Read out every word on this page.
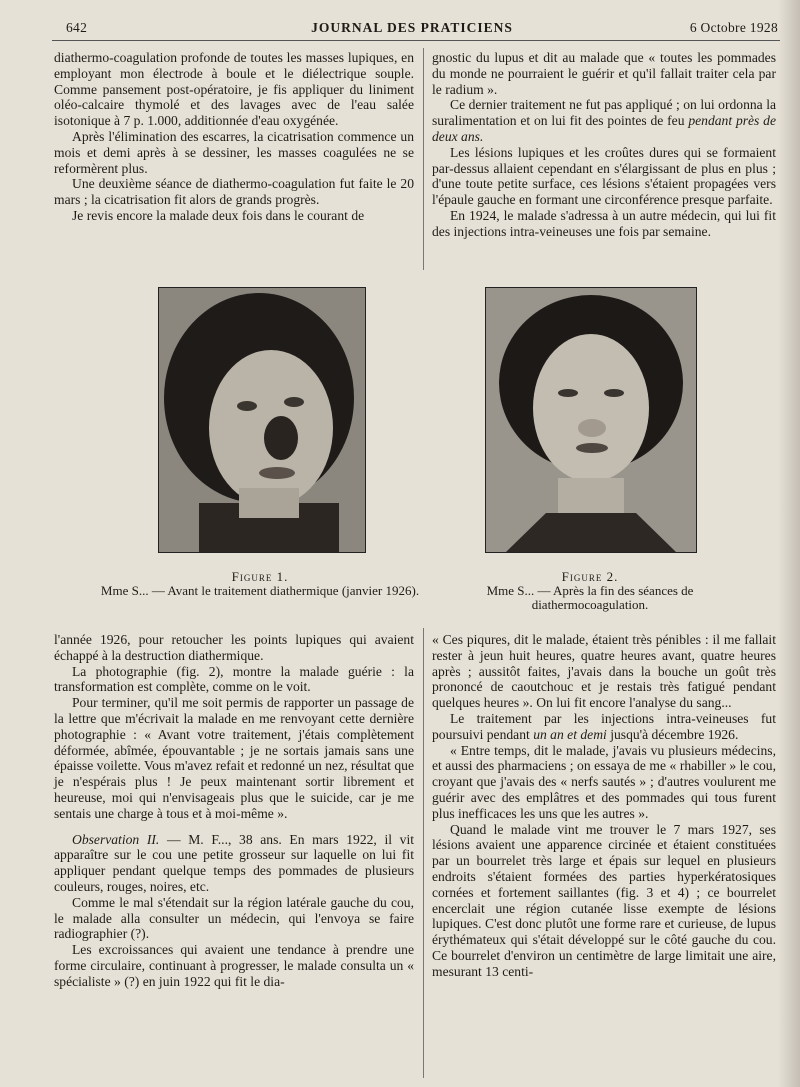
642	JOURNAL DES PRATICIENS	6 Octobre 1928

diathermo-coagulation profonde de toutes les masses lupiques, en employant mon électrode à boule et le diélectrique souple. Comme pansement post-opératoire, je fis appliquer du liniment oléo-calcaire thymolé et des lavages avec de l'eau salée isotonique à 7 p. 1.000, additionnée d'eau oxygénée.

Après l'élimination des escarres, la cicatrisation commence un mois et demi après à se dessiner, les masses coagulées ne se reformèrent plus.

Une deuxième séance de diathermo-coagulation fut faite le 20 mars ; la cicatrisation fit alors de grands progrès.

Je revis encore la malade deux fois dans le courant de

gnostic du lupus et dit au malade que « toutes les pommades du monde ne pourraient le guérir et qu'il fallait traiter cela par le radium ».

Ce dernier traitement ne fut pas appliqué ; on lui ordonna la suralimentation et on lui fit des pointes de feu pendant près de deux ans.

Les lésions lupiques et les croûtes dures qui se formaient par-dessus allaient cependant en s'élargissant de plus en plus ; d'une toute petite surface, ces lésions s'étaient propagées vers l'épaule gauche en formant une circonférence presque parfaite.

En 1924, le malade s'adressa à un autre médecin, qui lui fit des injections intra-veineuses une fois par semaine.

Figure 1.
Mme S... — Avant le traitement diathermique (janvier 1926).
Figure 2.
Mme S... — Après la fin des séances de diathermocoagulation.

l'année 1926, pour retoucher les points lupiques qui avaient échappé à la destruction diathermique.

La photographie (fig. 2), montre la malade guérie : la transformation est complète, comme on le voit.

Pour terminer, qu'il me soit permis de rapporter un passage de la lettre que m'écrivait la malade en me renvoyant cette dernière photographie : « Avant votre traitement, j'étais complètement déformée, abîmée, épouvantable ; je ne sortais jamais sans une épaisse voilette. Vous m'avez refait et redonné un nez, résultat que je n'espérais plus ! Je peux maintenant sortir librement et heureuse, moi qui n'envisageais plus que le suicide, car je me sentais une charge à tous et à moi-même ».

Observation II. — M. F..., 38 ans. En mars 1922, il vit apparaître sur le cou une petite grosseur sur laquelle on lui fit appliquer pendant quelque temps des pommades de plusieurs couleurs, rouges, noires, etc.

Comme le mal s'étendait sur la région latérale gauche du cou, le malade alla consulter un médecin, qui l'envoya se faire radiographier (?).

Les excroissances qui avaient une tendance à prendre une forme circulaire, continuant à progresser, le malade consulta un « spécialiste » (?) en juin 1922 qui fit le dia-

« Ces piqures, dit le malade, étaient très pénibles : il me fallait rester à jeun huit heures, quatre heures avant, quatre heures après ; aussitôt faites, j'avais dans la bouche un goût très prononcé de caoutchouc et je restais très fatigué pendant quelques heures ». On lui fit encore l'analyse du sang...

Le traitement par les injections intra-veineuses fut poursuivi pendant un an et demi jusqu'à décembre 1926.

« Entre temps, dit le malade, j'avais vu plusieurs médecins, et aussi des pharmaciens ; on essaya de me « rhabiller » le cou, croyant que j'avais des « nerfs sautés » ; d'autres voulurent me guérir avec des emplâtres et des pommades qui tous furent plus inefficaces les uns que les autres ».

Quand le malade vint me trouver le 7 mars 1927, ses lésions avaient une apparence circinée et étaient constituées par un bourrelet très large et épais sur lequel en plusieurs endroits s'étaient formées des parties hyperkératosiques cornées et fortement saillantes (fig. 3 et 4) ; ce bourrelet encerclait une région cutanée lisse exempte de lésions lupiques. C'est donc plutôt une forme rare et curieuse, de lupus érythémateux qui s'était développé sur le côté gauche du cou. Ce bourrelet d'environ un centimètre de large limitait une aire, mesurant 13 centi-
